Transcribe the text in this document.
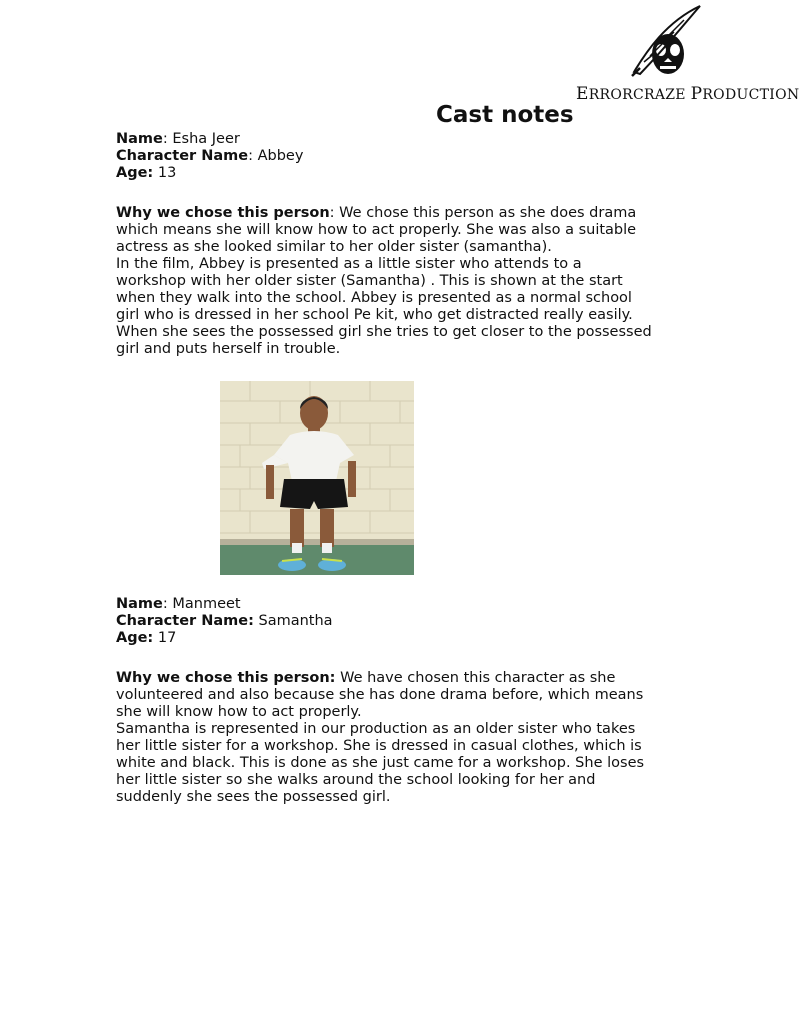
ERRORCRAZE PRODUCTION
Cast notes

Name: Esha Jeer

Character Name: Abbey

Age: 13

Why we chose this person: We chose this person as she does drama which means she will know how to act properly. She was also a suitable actress as she looked similar to her older sister (samantha).

In the film, Abbey is presented as a little sister who attends to a workshop with her older sister (Samantha) . This is shown at the start when they walk into the school. Abbey is presented as a normal school girl who is dressed in her school Pe kit, who get distracted really easily. When she sees the possessed girl she tries to get closer to the possessed girl and puts herself in trouble.

Name: Manmeet

Character Name: Samantha

Age: 17

Why we chose this person: We have chosen this character as she volunteered and also because she has done drama before, which means she will know how to act properly.

Samantha is represented in our production as an older sister who takes her little sister for a workshop. She is dressed in casual clothes, which is white and black. This is done as she just came for a workshop. She loses her little sister so she walks around the school looking for her and suddenly she sees the possessed girl.
